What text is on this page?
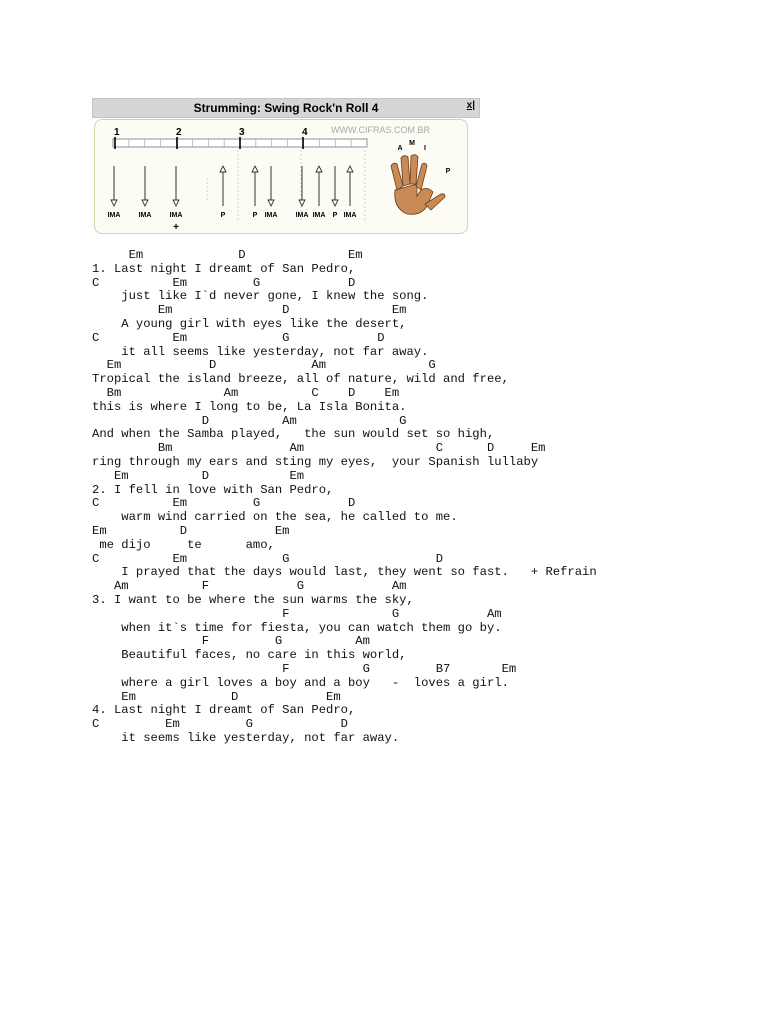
Strumming: Swing Rock'n Roll 4	x|
1	2	3	4	WWW.CIFRAS.COM.BR
IMA	IMA	IMA
+
P	P IMA	IMA IMA P IMA
A
M
I
P
Em             D              Em
1. Last night I dreamt of San Pedro,
C          Em         G            D
just like I`d never gone, I knew the song.
Em               D              Em
A young girl with eyes like the desert,
C          Em             G            D
it all seems like yesterday, not far away.
Em            D             Am              G
Tropical the island breeze, all of nature, wild and free,
Bm              Am          C    D    Em
this is where I long to be, La Isla Bonita.
D          Am              G
And when the Samba played,   the sun would set so high,
Bm                Am                  C      D     Em
ring through my ears and sting my eyes,  your Spanish lullaby
Em          D           Em
2. I fell in love with San Pedro,
C          Em         G            D
warm wind carried on the sea, he called to me.
Em          D            Em
me dijo     te      amo,
C          Em             G                    D
I prayed that the days would last, they went so fast.   + Refrain
Am          F            G            Am
3. I want to be where the sun warms the sky,
F              G            Am
when it`s time for fiesta, you can watch them go by.
F         G          Am
Beautiful faces, no care in this world,
F          G         B7       Em
where a girl loves a boy and a boy   -  loves a girl.
Em             D            Em
4. Last night I dreamt of San Pedro,
C         Em         G            D
it seems like yesterday, not far away.
